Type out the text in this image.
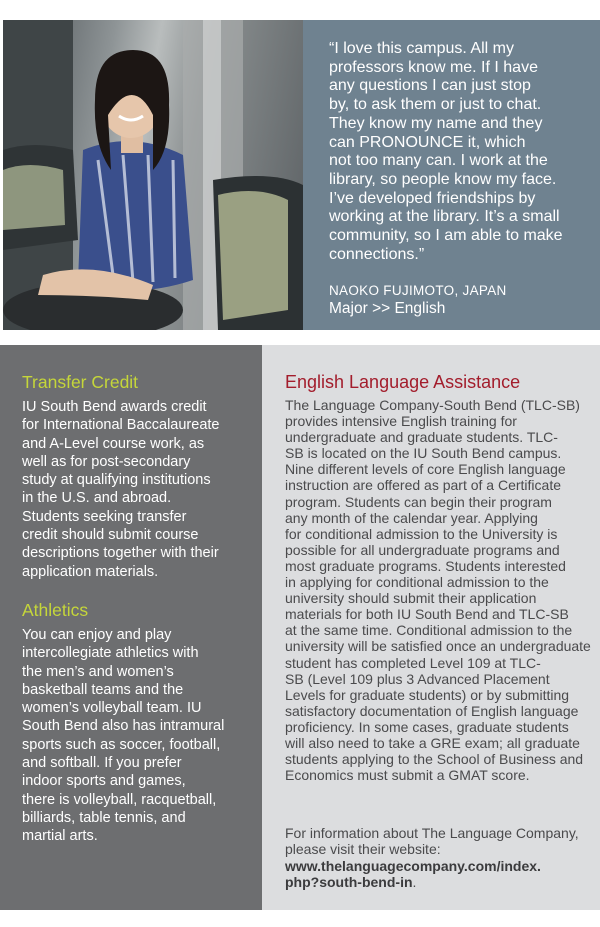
“I love this campus. All my
professors know me. If I have
any questions I can just stop
by, to ask them or just to chat.
They know my name and they
can PRONOUNCE it, which
not too many can. I work at the
library, so people know my face.
I’ve developed friendships by
working at the library. It’s a small
community, so I am able to make
connections.”

NAOKO FUJIMOTO, JAPAN

Major >> English

Transfer Credit

IU South Bend awards credit
for International Baccalaureate
and A-Level course work, as
well as for post-secondary
study at qualifying institutions
in the U.S. and abroad.
Students seeking transfer
credit should submit course
descriptions together with their
application materials.

Athletics

You can enjoy and play
intercollegiate athletics with
the men’s and women’s
basketball teams and the
women’s volleyball team. IU
South Bend also has intramural
sports such as soccer, football,
and softball. If you prefer
indoor sports and games,
there is volleyball, racquetball,
billiards, table tennis, and
martial arts.

English Language Assistance

The Language Company-South Bend (TLC-SB)
provides intensive English training for
undergraduate and graduate students. TLC-
SB is located on the IU South Bend campus.
Nine different levels of core English language
instruction are offered as part of a Certificate
program. Students can begin their program
any month of the calendar year. Applying
for conditional admission to the University is
possible for all undergraduate programs and
most graduate programs. Students interested
in applying for conditional admission to the
university should submit their application
materials for both IU South Bend and TLC-SB
at the same time. Conditional admission to the
university will be satisfied once an undergraduate
student has completed Level 109 at TLC-
SB (Level 109 plus 3 Advanced Placement
Levels for graduate students) or by submitting
satisfactory documentation of English language
proficiency. In some cases, graduate students
will also need to take a GRE exam; all graduate
students applying to the School of Business and
Economics must submit a GMAT score.

For information about The Language Company,
please visit their website:

www.thelanguagecompany.com/index.
php?south-bend-in.
